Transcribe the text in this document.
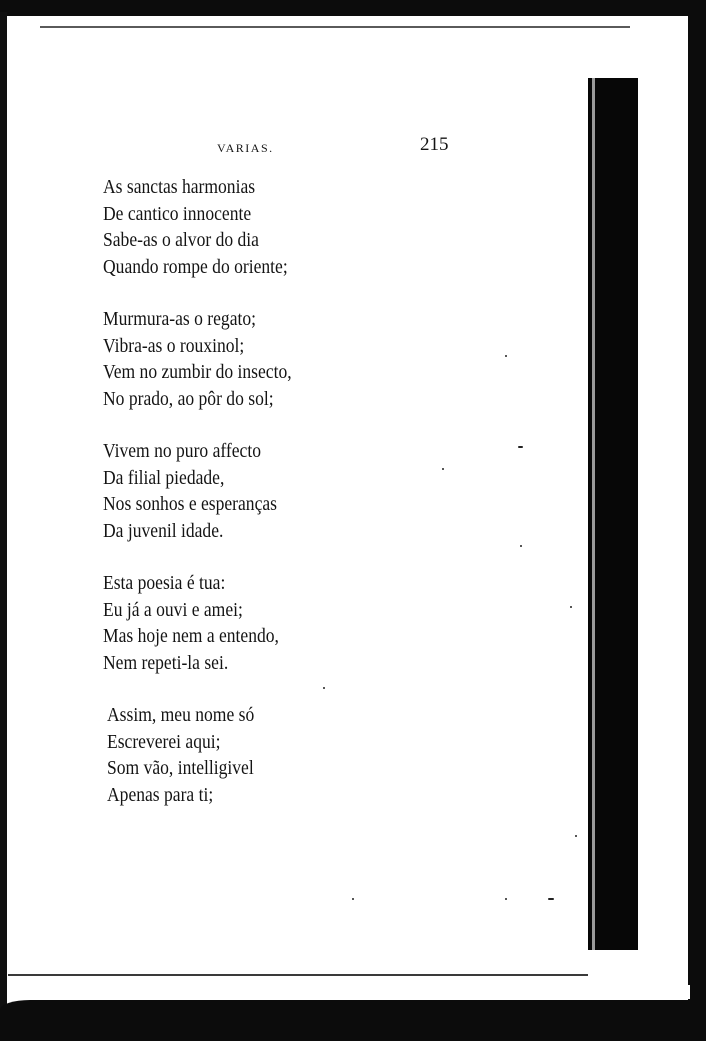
VARIAS.	215
As sanctas harmonias
De cantico innocente
Sabe-as o alvor do dia
Quando rompe do oriente;
Murmura-as o regato;
Vibra-as o rouxinol;
Vem no zumbir do insecto,
No prado, ao pôr do sol;
Vivem no puro affecto
Da filial piedade,
Nos sonhos e esperanças
Da juvenil idade.
Esta poesia é tua:
Eu já a ouvi e amei;
Mas hoje nem a entendo,
Nem repeti-la sei.
Assim, meu nome só
Escreverei aqui;
Som vão, intelligivel
Apenas para ti;
